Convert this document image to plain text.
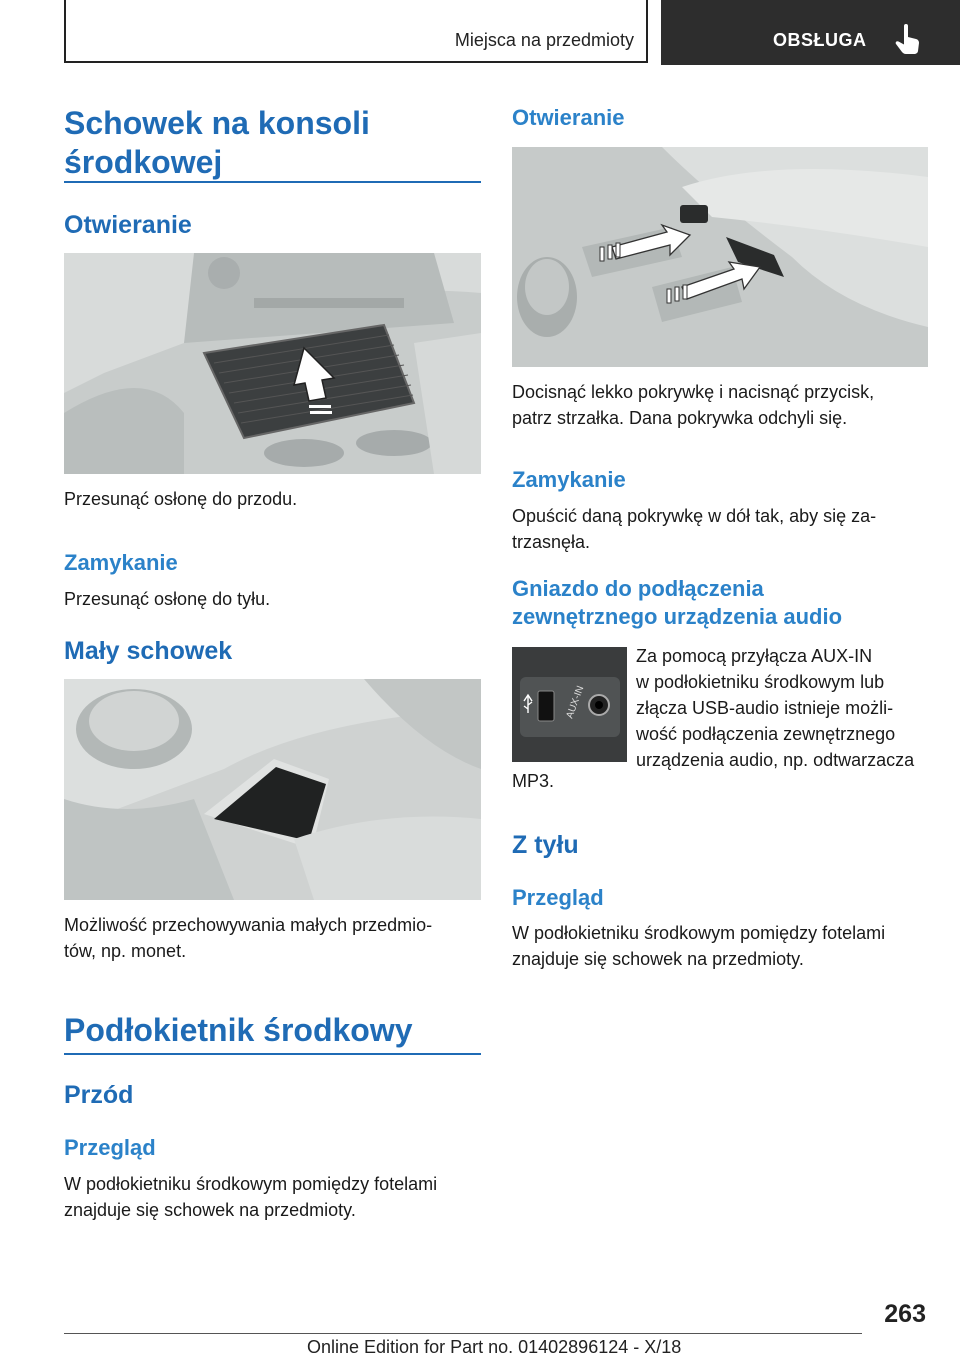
Miejsca na przedmioty	OBSŁUGA
Schowek na konsoli
środkowej
Otwieranie

Przesunąć osłonę do przodu.

Zamykanie

Przesunąć osłonę do tyłu.

Mały schowek

Możliwość przechowywania małych przedmio-
tów, np. monet.

Podłokietnik środkowy
Przód
Przegląd

W podłokietniku środkowym pomiędzy fotelami
znajduje się schowek na przedmioty.

Otwieranie

Docisnąć lekko pokrywkę i nacisnąć przycisk,
patrz strzałka. Dana pokrywka odchyli się.

Zamykanie

Opuścić daną pokrywkę w dół tak, aby się za-
trzasnęła.

Gniazdo do podłączenia
zewnętrznego urządzenia audio
AUX-IN

Za pomocą przyłącza AUX-IN
w podłokietniku środkowym lub
złącza USB-audio istnieje możli-
wość podłączenia zewnętrznego
urządzenia audio, np. odtwarzacza

MP3.

Z tyłu
Przegląd

W podłokietniku środkowym pomiędzy fotelami
znajduje się schowek na przedmioty.

263
Online Edition for Part no. 01402896124 - X/18
